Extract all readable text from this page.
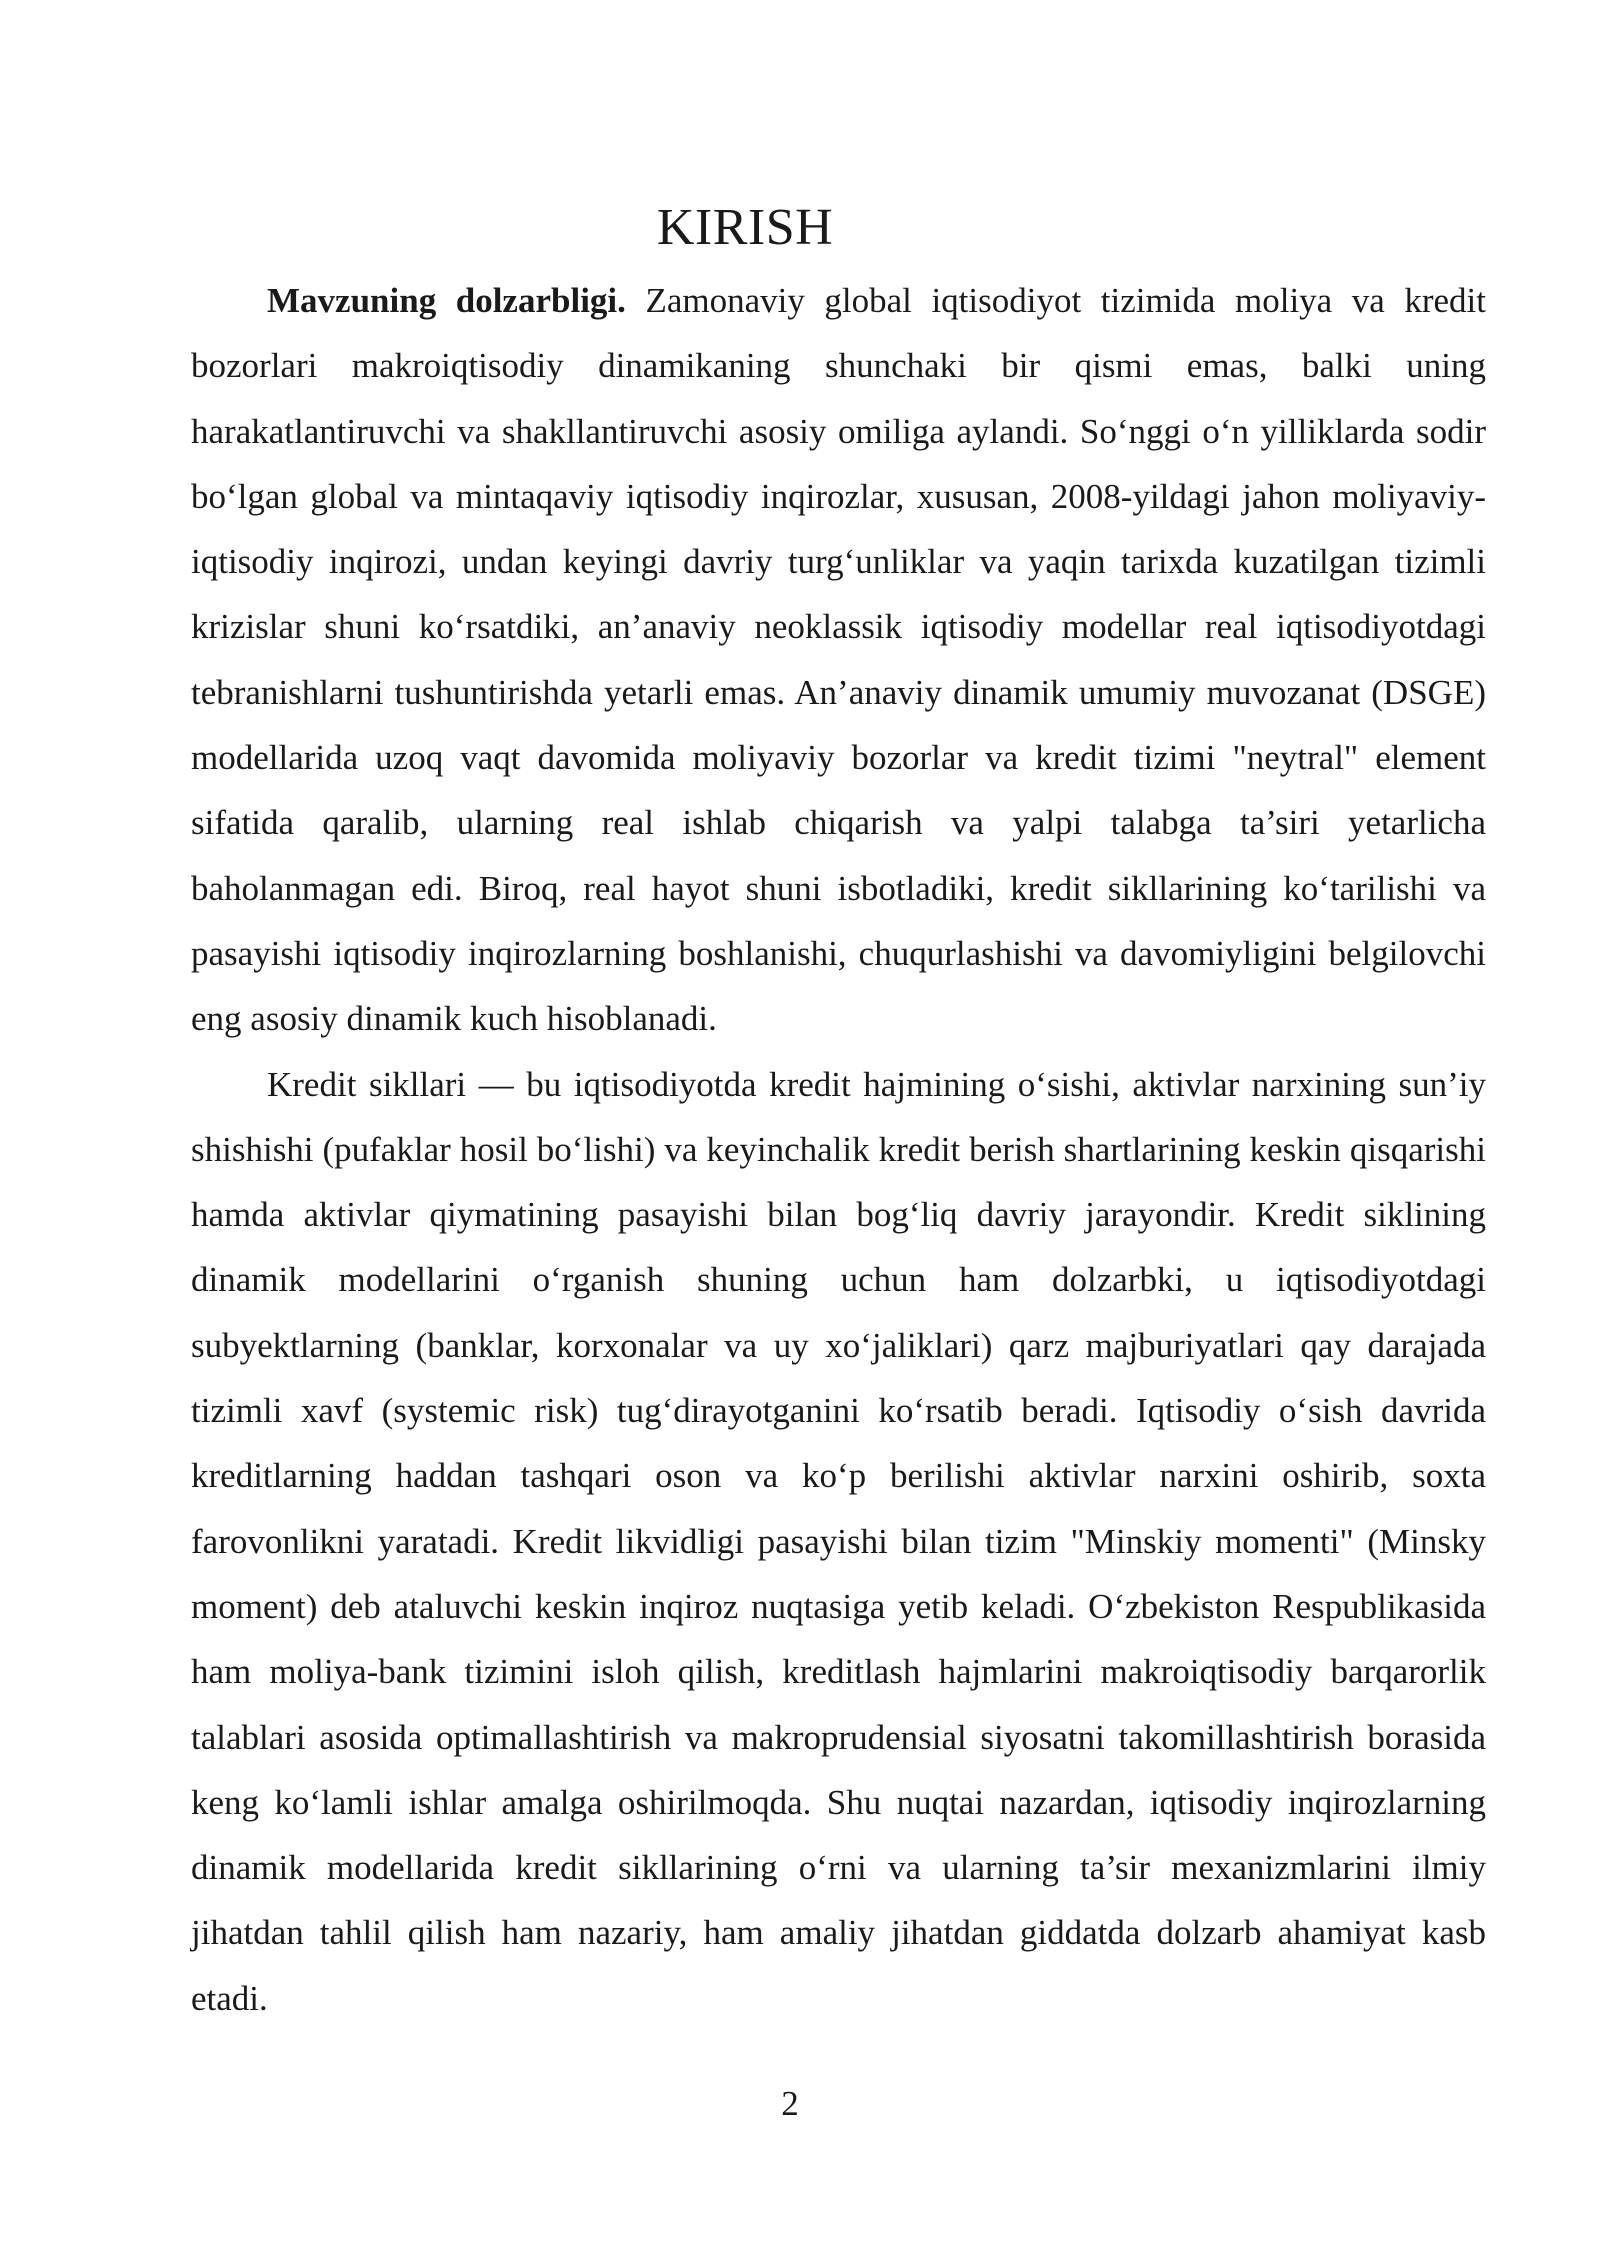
KIRISH

Mavzuning dolzarbligi. Zamonaviy global iqtisodiyot tizimida moliya va kredit bozorlari makroiqtisodiy dinamikaning shunchaki bir qismi emas, balki uning harakatlantiruvchi va shakllantiruvchi asosiy omiliga aylandi. So‘nggi o‘n yilliklarda sodir bo‘lgan global va mintaqaviy iqtisodiy inqirozlar, xususan, 2008-yildagi jahon moliyaviy-iqtisodiy inqirozi, undan keyingi davriy turg‘unliklar va yaqin tarixda kuzatilgan tizimli krizislar shuni ko‘rsatdiki, an’anaviy neoklassik iqtisodiy modellar real iqtisodiyotdagi tebranishlarni tushuntirishda yetarli emas. An’anaviy dinamik umumiy muvozanat (DSGE) modellarida uzoq vaqt davomida moliyaviy bozorlar va kredit tizimi "neytral" element sifatida qaralib, ularning real ishlab chiqarish va yalpi talabga ta’siri yetarlicha baholanmagan edi. Biroq, real hayot shuni isbotladiki, kredit sikllarining ko‘tarilishi va pasayishi iqtisodiy inqirozlarning boshlanishi, chuqurlashishi va davomiyligini belgilovchi eng asosiy dinamik kuch hisoblanadi.

Kredit sikllari — bu iqtisodiyotda kredit hajmining o‘sishi, aktivlar narxining sun’iy shishishi (pufaklar hosil bo‘lishi) va keyinchalik kredit berish shartlarining keskin qisqarishi hamda aktivlar qiymatining pasayishi bilan bog‘liq davriy jarayondir. Kredit siklining dinamik modellarini o‘rganish shuning uchun ham dolzarbki, u iqtisodiyotdagi subyektlarning (banklar, korxonalar va uy xo‘jaliklari) qarz majburiyatlari qay darajada tizimli xavf (systemic risk) tug‘dirayotganini ko‘rsatib beradi. Iqtisodiy o‘sish davrida kreditlarning haddan tashqari oson va ko‘p berilishi aktivlar narxini oshirib, soxta farovonlikni yaratadi. Kredit likvidligi pasayishi bilan tizim "Minskiy momenti" (Minsky moment) deb ataluvchi keskin inqiroz nuqtasiga yetib keladi. O‘zbekiston Respublikasida ham moliya-bank tizimini isloh qilish, kreditlash hajmlarini makroiqtisodiy barqarorlik talablari asosida optimallashtirish va makroprudensial siyosatni takomillashtirish borasida keng ko‘lamli ishlar amalga oshirilmoqda. Shu nuqtai nazardan, iqtisodiy inqirozlarning dinamik modellarida kredit sikllarining o‘rni va ularning ta’sir mexanizmlarini ilmiy jihatdan tahlil qilish ham nazariy, ham amaliy jihatdan giddatda dolzarb ahamiyat kasb etadi.

2
